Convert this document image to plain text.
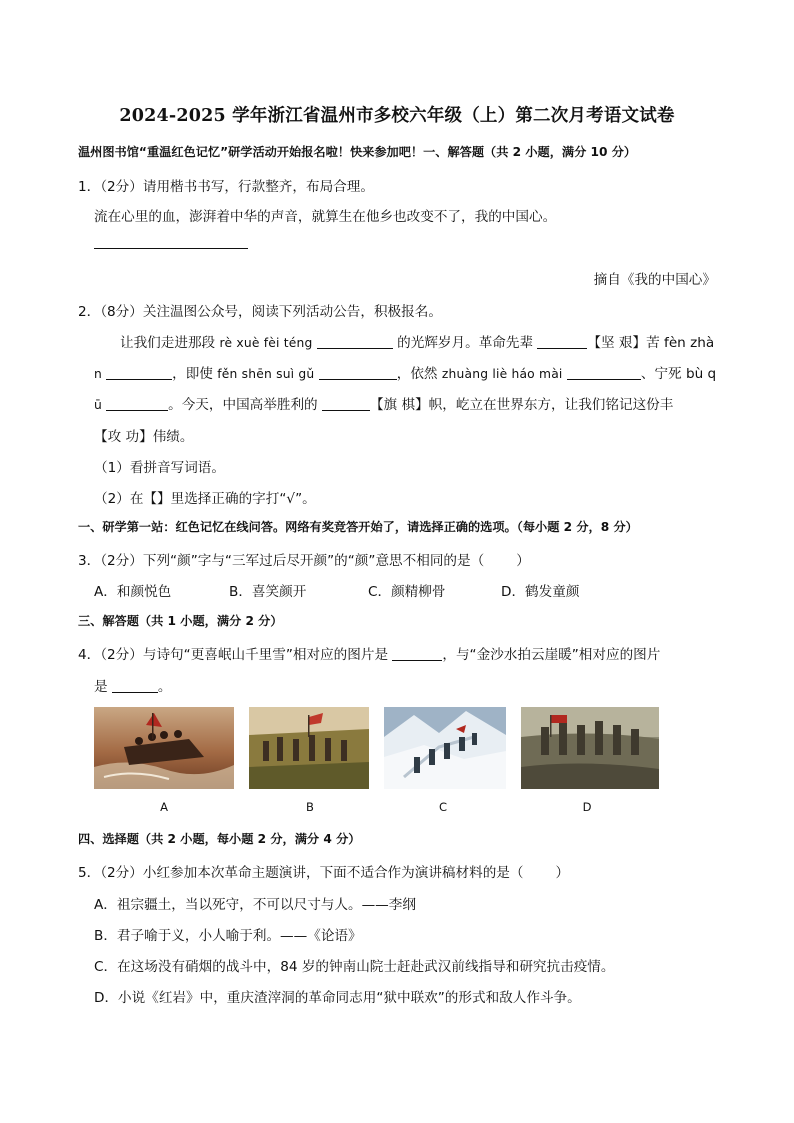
2024-2025 学年浙江省温州市多校六年级（上）第二次月考语文试卷
温州图书馆“重温红色记忆”研学活动开始报名啦！快来参加吧！一、解答题（共 2 小题，满分 10 分）
1．（2分）请用楷书书写，行款整齐，布局合理。
流在心里的血，澎湃着中华的声音，就算生在他乡也改变不了，我的中国心。
摘自《我的中国心》
2．（8分）关注温图公众号，阅读下列活动公告，积极报名。
让我们走进那段 rè xuè fèi téng	的光辉岁月。革命先辈	【坚 艰】苦 fèn zhà
n	，即使 fěn shēn suì gǔ	，依然 zhuàng liè háo mài	、宁死 bù q
ū	。今天，中国高举胜利的	【旗 棋】帜，屹立在世界东方，让我们铭记这份丰
【攻 功】伟绩。
（1）看拼音写词语。
（2）在【】里选择正确的字打“√”。
一、研学第一站：红色记忆在线问答。网络有奖竞答开始了，请选择正确的选项。（每小题 2 分，8 分）
3．（2分）下列“颜”字与“三军过后尽开颜”的“颜”意思不相同的是（ ）
A．和颜悦色	B．喜笑颜开	C．颜精柳骨	D．鹤发童颜
三、解答题（共 1 小题，满分 2 分）
4．（2分）与诗句“更喜岷山千里雪”相对应的图片是	，与“金沙水拍云崖暖”相对应的图片
是	。
A	B	C	D
四、选择题（共 2 小题，每小题 2 分，满分 4 分）
5．（2分）小红参加本次革命主题演讲，下面不适合作为演讲稿材料的是（ ）
A．祖宗疆土，当以死守，不可以尺寸与人。——李纲
B．君子喻于义，小人喻于利。——《论语》
C．在这场没有硝烟的战斗中，84 岁的钟南山院士赶赴武汉前线指导和研究抗击疫情。
D．小说《红岩》中，重庆渣滓洞的革命同志用“狱中联欢”的形式和敌人作斗争。
